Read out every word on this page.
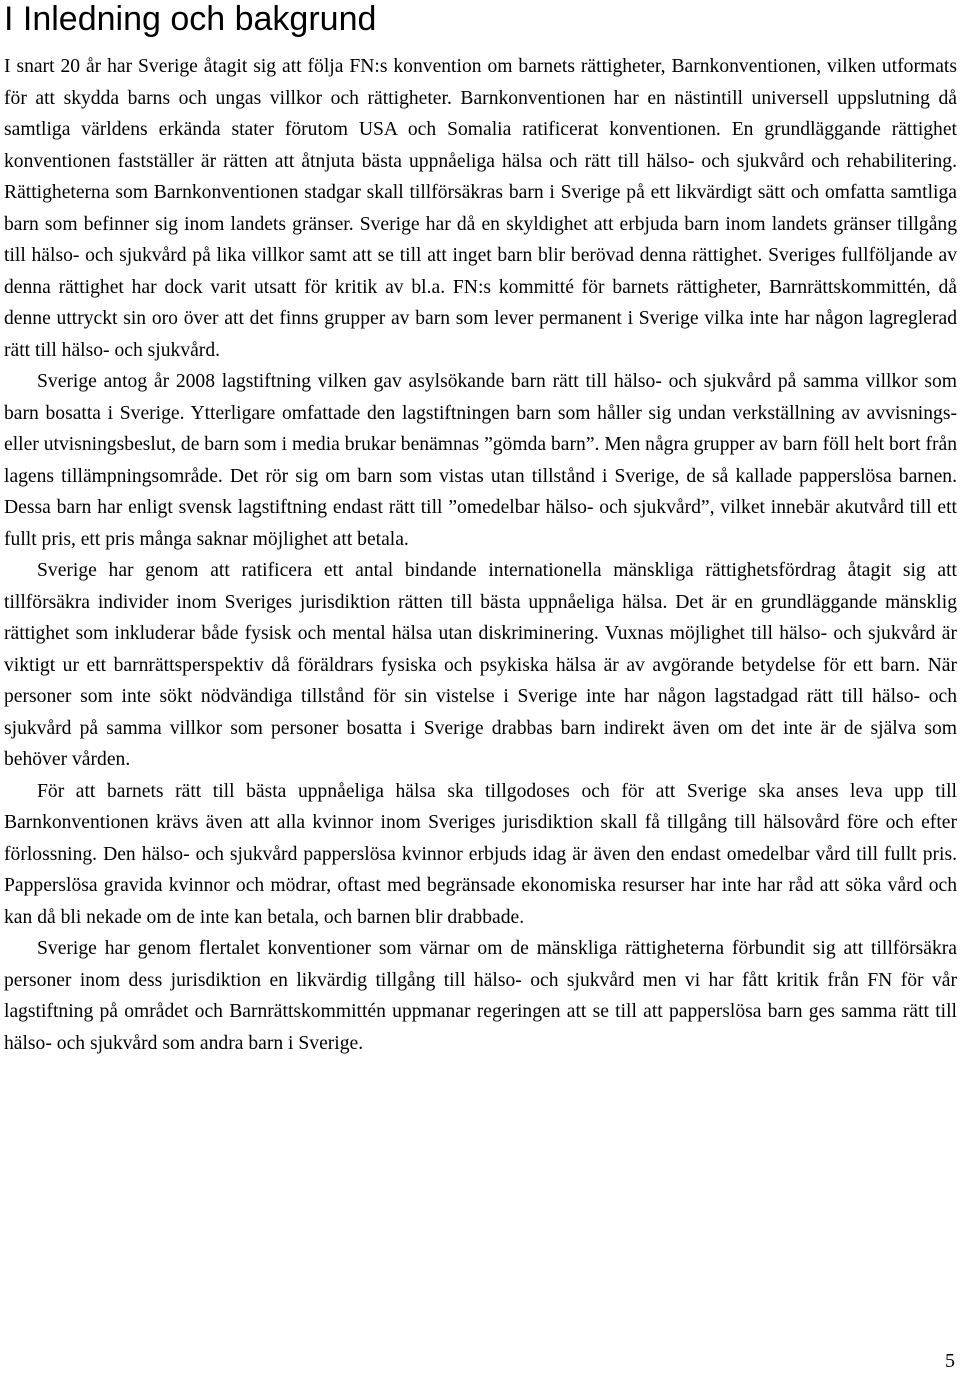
I Inledning och bakgrund

I snart 20 år har Sverige åtagit sig att följa FN:s konvention om barnets rättigheter, Barnkonventionen, vilken utformats för att skydda barns och ungas villkor och rättigheter. Barnkonventionen har en nästintill universell uppslutning då samtliga världens erkända stater förutom USA och Somalia ratificerat konventionen. En grundläggande rättighet konventionen fastställer är rätten att åtnjuta bästa uppnåeliga hälsa och rätt till hälso- och sjukvård och rehabilitering. Rättigheterna som Barnkonventionen stadgar skall tillförsäkras barn i Sverige på ett likvärdigt sätt och omfatta samtliga barn som befinner sig inom landets gränser. Sverige har då en skyldighet att erbjuda barn inom landets gränser tillgång till hälso- och sjukvård på lika villkor samt att se till att inget barn blir berövad denna rättighet. Sveriges fullföljande av denna rättighet har dock varit utsatt för kritik av bl.a. FN:s kommitté för barnets rättigheter, Barnrättskommittén, då denne uttryckt sin oro över att det finns grupper av barn som lever permanent i Sverige vilka inte har någon lagreglerad rätt till hälso- och sjukvård.

Sverige antog år 2008 lagstiftning vilken gav asylsökande barn rätt till hälso- och sjukvård på samma villkor som barn bosatta i Sverige. Ytterligare omfattade den lagstiftningen barn som håller sig undan verkställning av avvisnings- eller utvisningsbeslut, de barn som i media brukar benämnas ”gömda barn”. Men några grupper av barn föll helt bort från lagens tillämpningsområde. Det rör sig om barn som vistas utan tillstånd i Sverige, de så kallade papperslösa barnen. Dessa barn har enligt svensk lagstiftning endast rätt till ”omedelbar hälso- och sjukvård”, vilket innebär akutvård till ett fullt pris, ett pris många saknar möjlighet att betala.

Sverige har genom att ratificera ett antal bindande internationella mänskliga rättighetsfördrag åtagit sig att tillförsäkra individer inom Sveriges jurisdiktion rätten till bästa uppnåeliga hälsa. Det är en grundläggande mänsklig rättighet som inkluderar både fysisk och mental hälsa utan diskriminering. Vuxnas möjlighet till hälso- och sjukvård är viktigt ur ett barnrättsperspektiv då föräldrars fysiska och psykiska hälsa är av avgörande betydelse för ett barn. När personer som inte sökt nödvändiga tillstånd för sin vistelse i Sverige inte har någon lagstadgad rätt till hälso- och sjukvård på samma villkor som personer bosatta i Sverige drabbas barn indirekt även om det inte är de själva som behöver vården.

För att barnets rätt till bästa uppnåeliga hälsa ska tillgodoses och för att Sverige ska anses leva upp till Barnkonventionen krävs även att alla kvinnor inom Sveriges jurisdiktion skall få tillgång till hälsovård före och efter förlossning. Den hälso- och sjukvård papperslösa kvinnor erbjuds idag är även den endast omedelbar vård till fullt pris. Papperslösa gravida kvinnor och mödrar, oftast med begränsade ekonomiska resurser har inte har råd att söka vård och kan då bli nekade om de inte kan betala, och barnen blir drabbade.

Sverige har genom flertalet konventioner som värnar om de mänskliga rättigheterna förbundit sig att tillförsäkra personer inom dess jurisdiktion en likvärdig tillgång till hälso- och sjukvård men vi har fått kritik från FN för vår lagstiftning på området och Barnrättskommittén uppmanar regeringen att se till att papperslösa barn ges samma rätt till hälso- och sjukvård som andra barn i Sverige.

5
